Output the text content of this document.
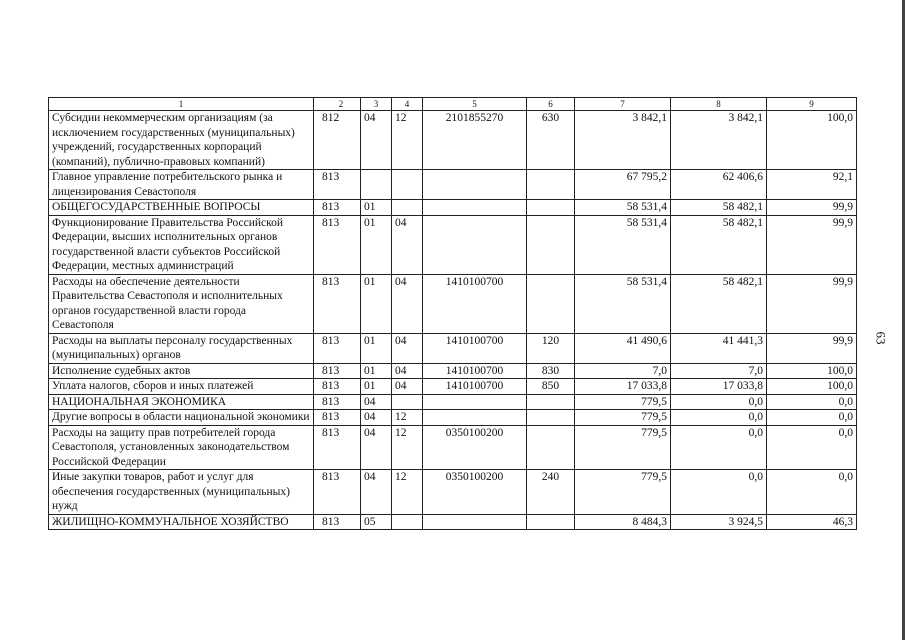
63
1	2	3	4	5	6	7	8	9
Субсидии некоммерческим организациям (за исключением государственных (муниципальных) учреждений, государственных корпораций (компаний), публично-правовых компаний)	812	04	12	2101855270	630	3 842,1	3 842,1	100,0
Главное управление потребительского рынка и лицензирования Севастополя	813					67 795,2	62 406,6	92,1
ОБЩЕГОСУДАРСТВЕННЫЕ ВОПРОСЫ	813	01				58 531,4	58 482,1	99,9
Функционирование Правительства Российской Федерации, высших исполнительных органов государственной власти субъектов Российской Федерации, местных администраций	813	01	04			58 531,4	58 482,1	99,9
Расходы на обеспечение деятельности Правительства Севастополя и исполнительных органов государственной власти города Севастополя	813	01	04	1410100700		58 531,4	58 482,1	99,9
Расходы на выплаты персоналу государственных (муниципальных) органов	813	01	04	1410100700	120	41 490,6	41 441,3	99,9
Исполнение судебных актов	813	01	04	1410100700	830	7,0	7,0	100,0
Уплата налогов, сборов и иных платежей	813	01	04	1410100700	850	17 033,8	17 033,8	100,0
НАЦИОНАЛЬНАЯ ЭКОНОМИКА	813	04				779,5	0,0	0,0
Другие вопросы в области национальной экономики	813	04	12			779,5	0,0	0,0
Расходы на защиту прав потребителей города Севастополя, установленных законодательством Российской Федерации	813	04	12	0350100200		779,5	0,0	0,0
Иные закупки товаров, работ и услуг для обеспечения государственных (муниципальных) нужд	813	04	12	0350100200	240	779,5	0,0	0,0
ЖИЛИЩНО-КОММУНАЛЬНОЕ ХОЗЯЙСТВО	813	05				8 484,3	3 924,5	46,3
